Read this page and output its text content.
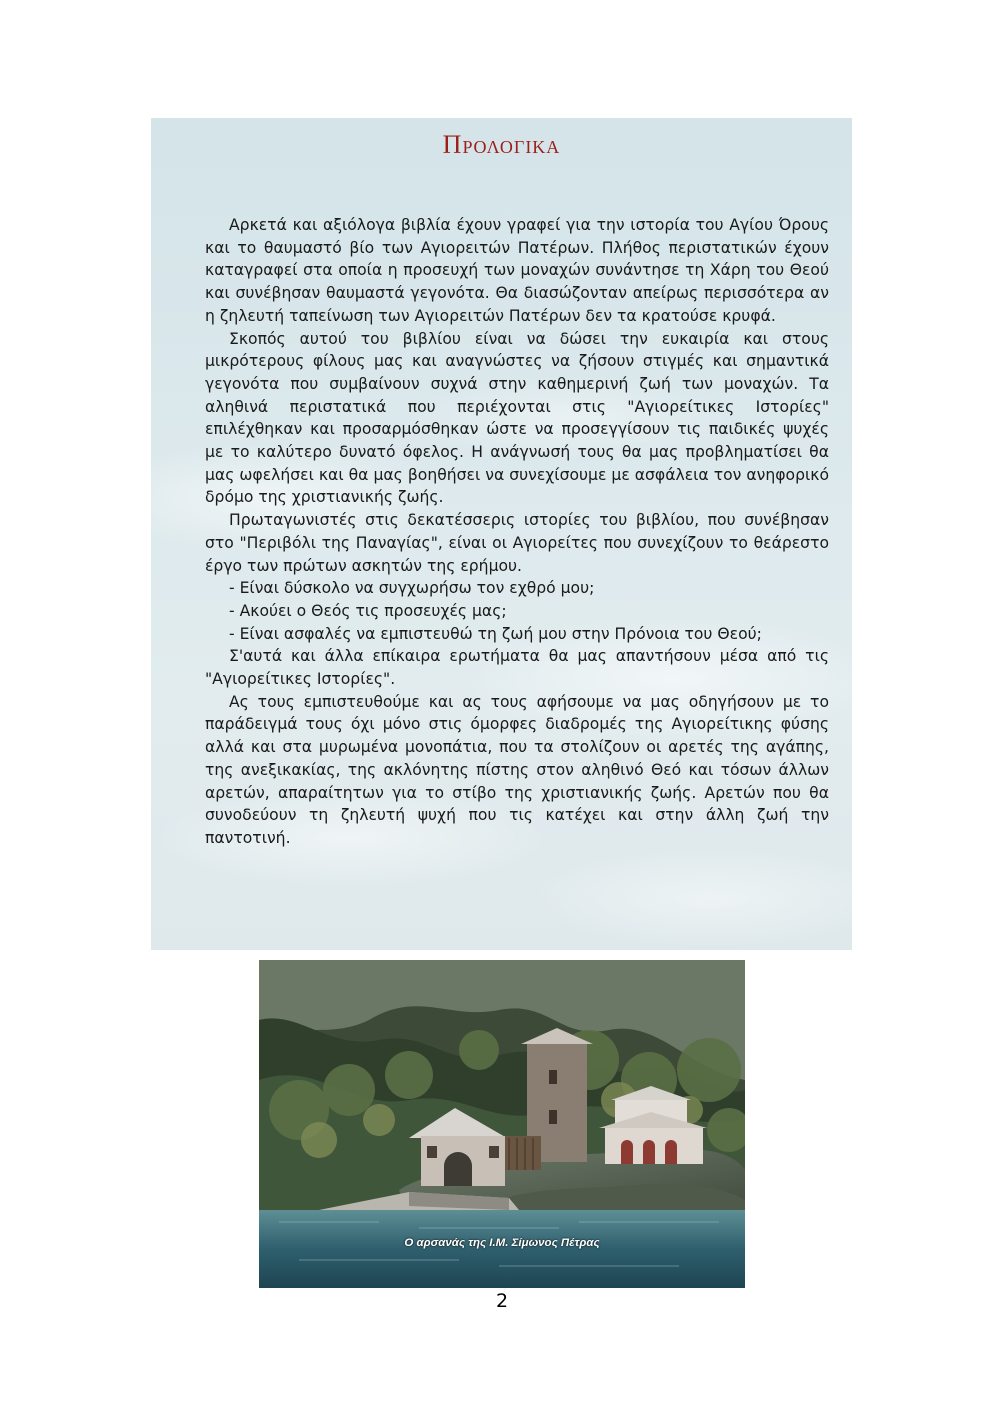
Προλογικα

Αρκετά και αξιόλογα βιβλία έχουν γραφεί για την ιστορία του Αγίου Όρους και το θαυμαστό βίο των Αγιορειτών Πατέρων. Πλήθος περιστατικών έχουν καταγραφεί στα οποία η προσευχή των μοναχών συνάντησε τη Χάρη του Θεού και συνέβησαν θαυμαστά γεγονότα. Θα διασώζονταν απείρως περισσότερα αν η ζηλευτή ταπείνωση των Αγιορειτών Πατέρων δεν τα κρατούσε κρυφά.

Σκοπός αυτού του βιβλίου είναι να δώσει την ευκαιρία και στους μικρότερους φίλους μας και αναγνώστες να ζήσουν στιγμές και σημαντικά γεγονότα που συμβαίνουν συχνά στην καθημερινή ζωή των μοναχών. Τα αληθινά περιστατικά που περιέχονται στις "Αγιορείτικες Ιστορίες" επιλέχθηκαν και προσαρμόσθηκαν ώστε να προσεγγίσουν τις παιδικές ψυχές με το καλύτερο δυνατό όφελος. Η ανάγνωσή τους θα μας προβληματίσει θα μας ωφελήσει και θα μας βοηθήσει να συνεχίσουμε με ασφάλεια τον ανηφορικό δρόμο της χριστιανικής ζωής.

Πρωταγωνιστές στις δεκατέσσερις ιστορίες του βιβλίου, που συνέβησαν στο "Περιβόλι της Παναγίας", είναι οι Αγιορείτες που συνεχίζουν το θεάρεστο έργο των πρώτων ασκητών της ερήμου.

- Είναι δύσκολο να συγχωρήσω τον εχθρό μου;

- Ακούει ο Θεός τις προσευχές μας;

- Είναι ασφαλές να εμπιστευθώ τη ζωή μου στην Πρόνοια του Θεού;

Σ'αυτά και άλλα επίκαιρα ερωτήματα θα μας απαντήσουν μέσα από τις "Αγιορείτικες Ιστορίες".

Ας τους εμπιστευθούμε και ας τους αφήσουμε να μας οδηγήσουν με το παράδειγμά τους όχι μόνο στις όμορφες διαδρομές της Αγιορείτικης φύσης αλλά και στα μυρωμένα μονοπάτια, που τα στολίζουν οι αρετές της αγάπης, της ανεξικακίας, της ακλόνητης πίστης στον αληθινό Θεό και τόσων άλλων αρετών, απαραίτητων για το στίβο της χριστιανικής ζωής. Αρετών που θα συνοδεύουν τη ζηλευτή ψυχή που τις κατέχει και στην άλλη ζωή την παντοτινή.

Ο αρσανάς της Ι.Μ. Σίμωνος Πέτρας
2
